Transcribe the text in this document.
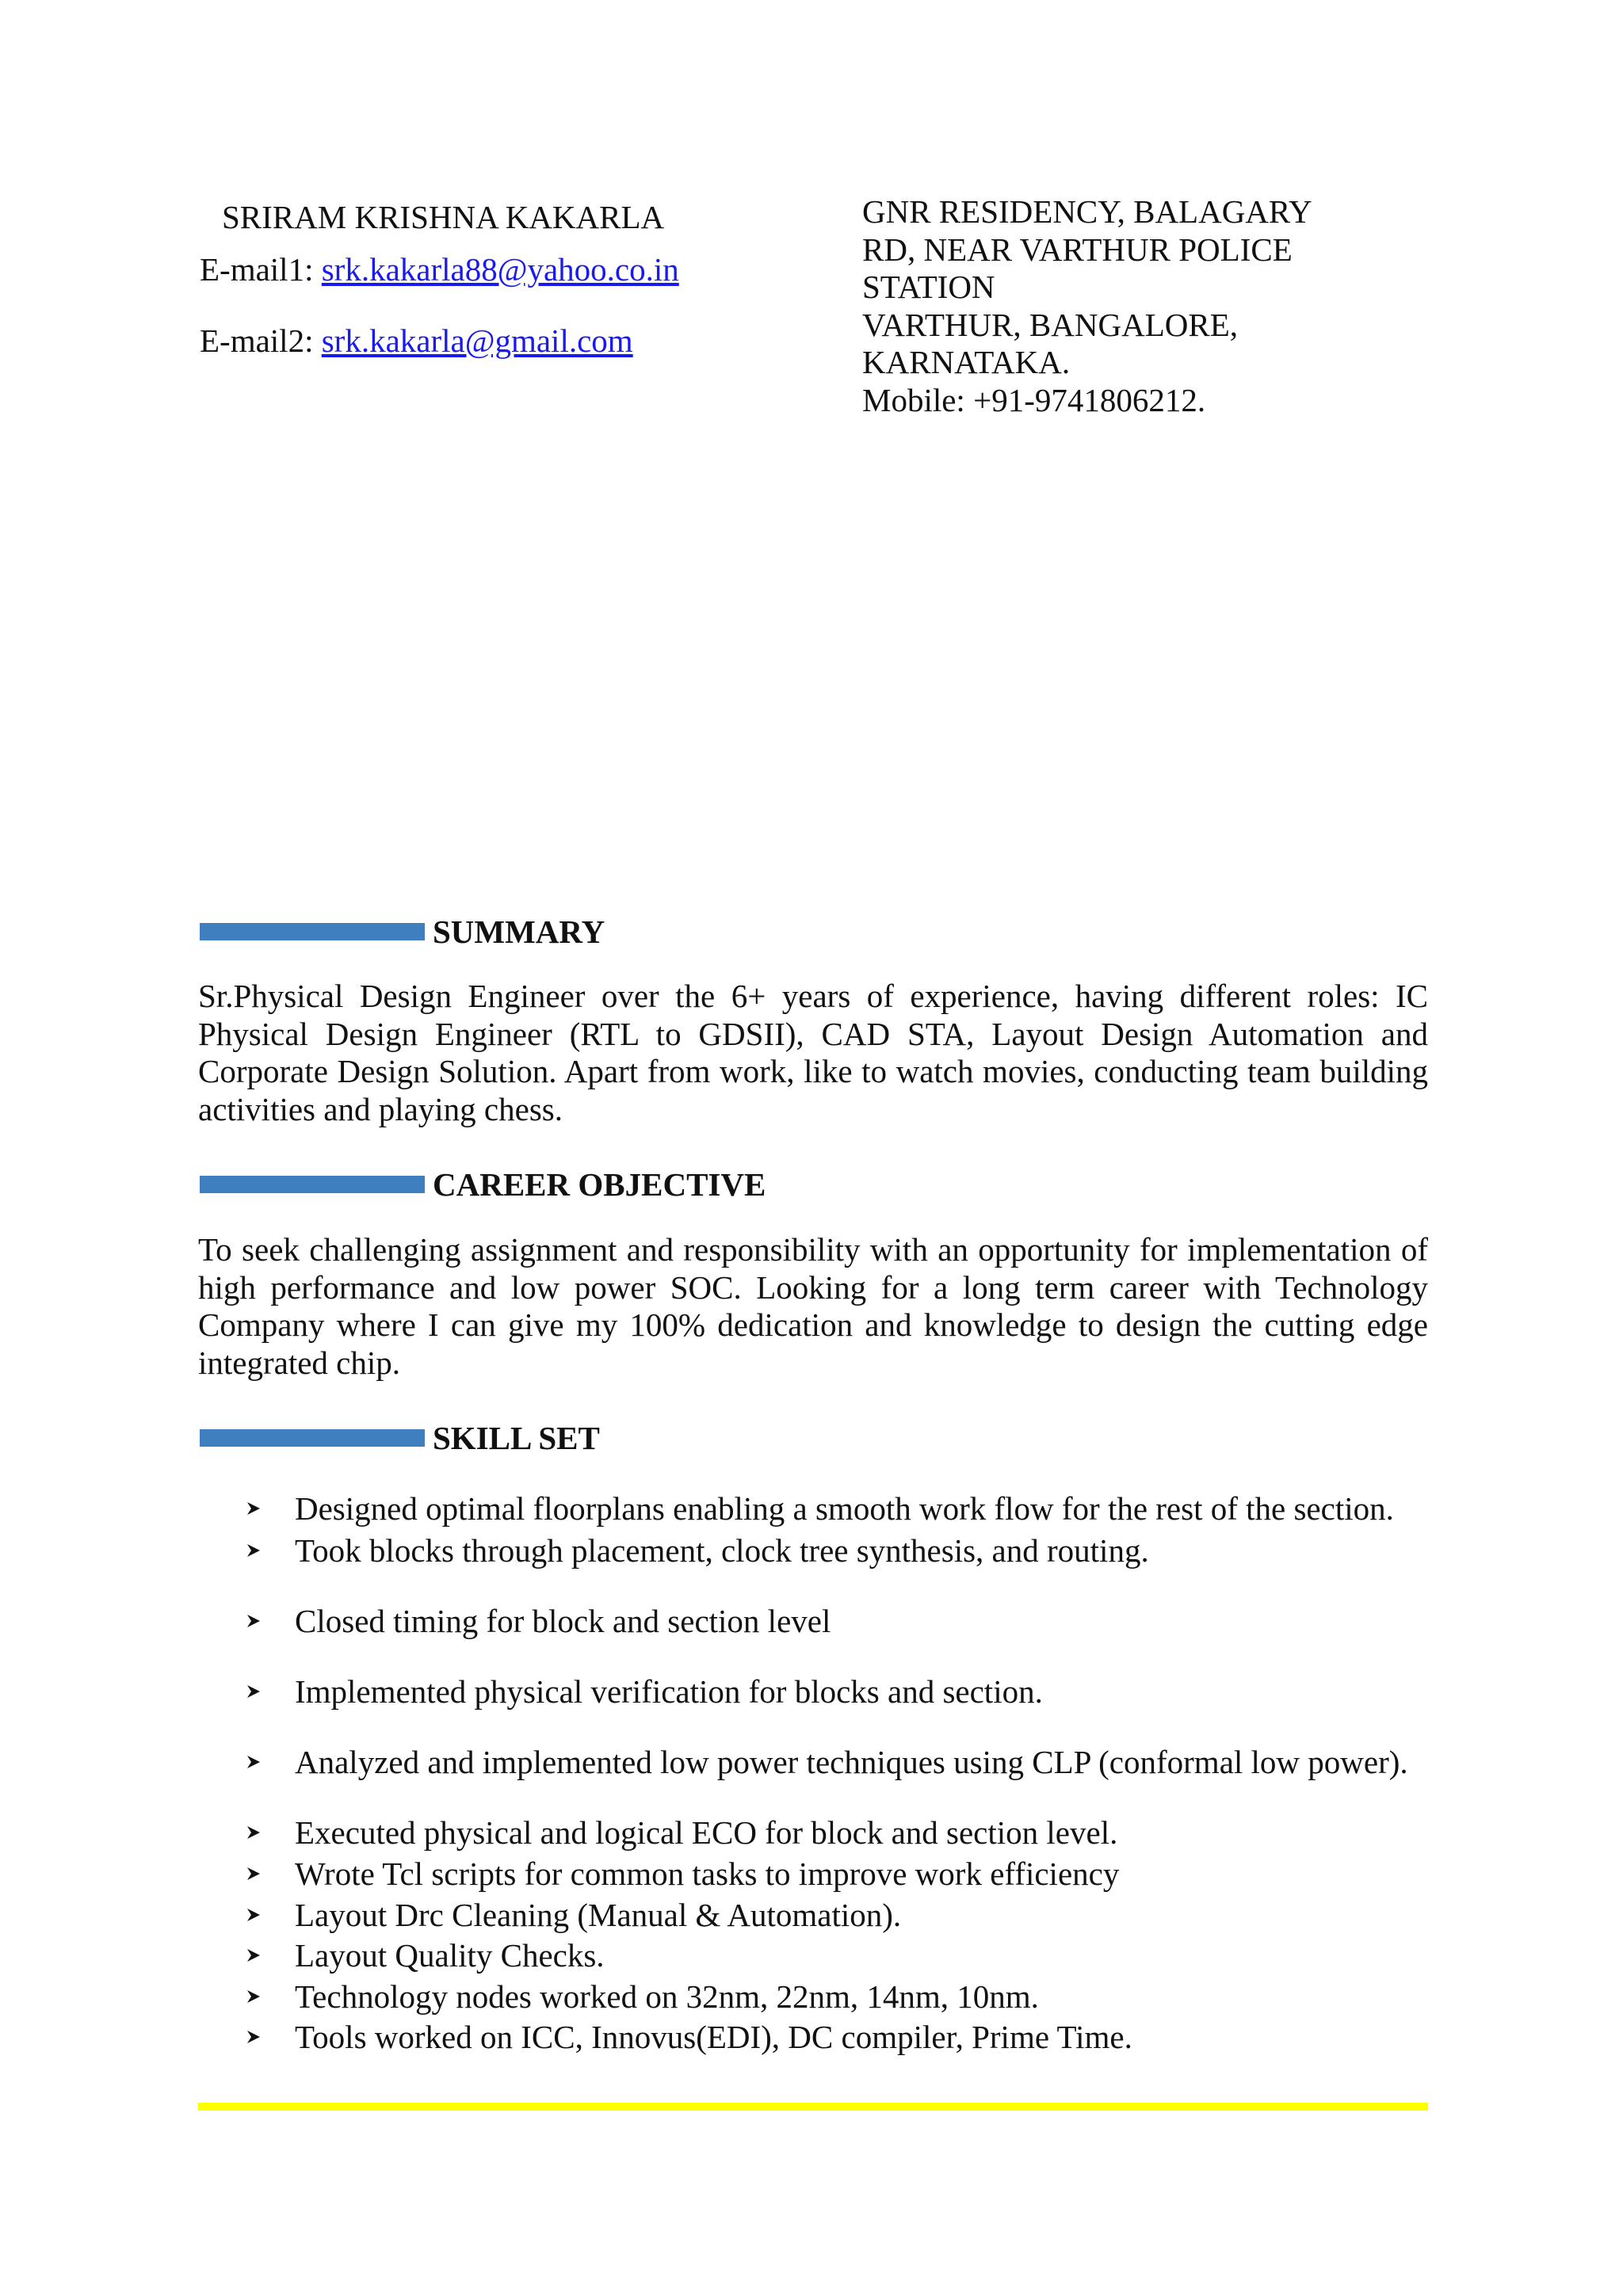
SRIRAM KRISHNA KAKARLA
E-mail1: srk.kakarla88@yahoo.co.in
E-mail2: srk.kakarla@gmail.com
GNR RESIDENCY, BALAGARY
RD, NEAR VARTHUR POLICE
STATION
VARTHUR, BANGALORE,
KARNATAKA.
Mobile: +91-9741806212.
SUMMARY
Sr.Physical Design Engineer over the 6+ years of experience, having different roles: IC Physical Design Engineer (RTL to GDSII), CAD STA, Layout Design Automation and Corporate Design Solution. Apart from work, like to watch movies, conducting team building activities and playing chess.
CAREER OBJECTIVE
To seek challenging assignment and responsibility with an opportunity for implementation of high performance and low power SOC. Looking for a long term career with Technology Company where I can give my 100% dedication and knowledge to design the cutting edge integrated chip.
SKILL SET
Designed optimal floorplans enabling a smooth work flow for the rest of the section.
Took blocks through placement, clock tree synthesis, and routing.
Closed timing for block and section level
Implemented physical verification for blocks and section.
Analyzed and implemented low power techniques using CLP (conformal low power).
Executed physical and logical ECO for block and section level.
Wrote Tcl scripts for common tasks to improve work efficiency
Layout Drc Cleaning (Manual & Automation).
Layout Quality Checks.
Technology nodes worked on 32nm, 22nm, 14nm, 10nm.
Tools worked on ICC, Innovus(EDI), DC compiler, Prime Time.
